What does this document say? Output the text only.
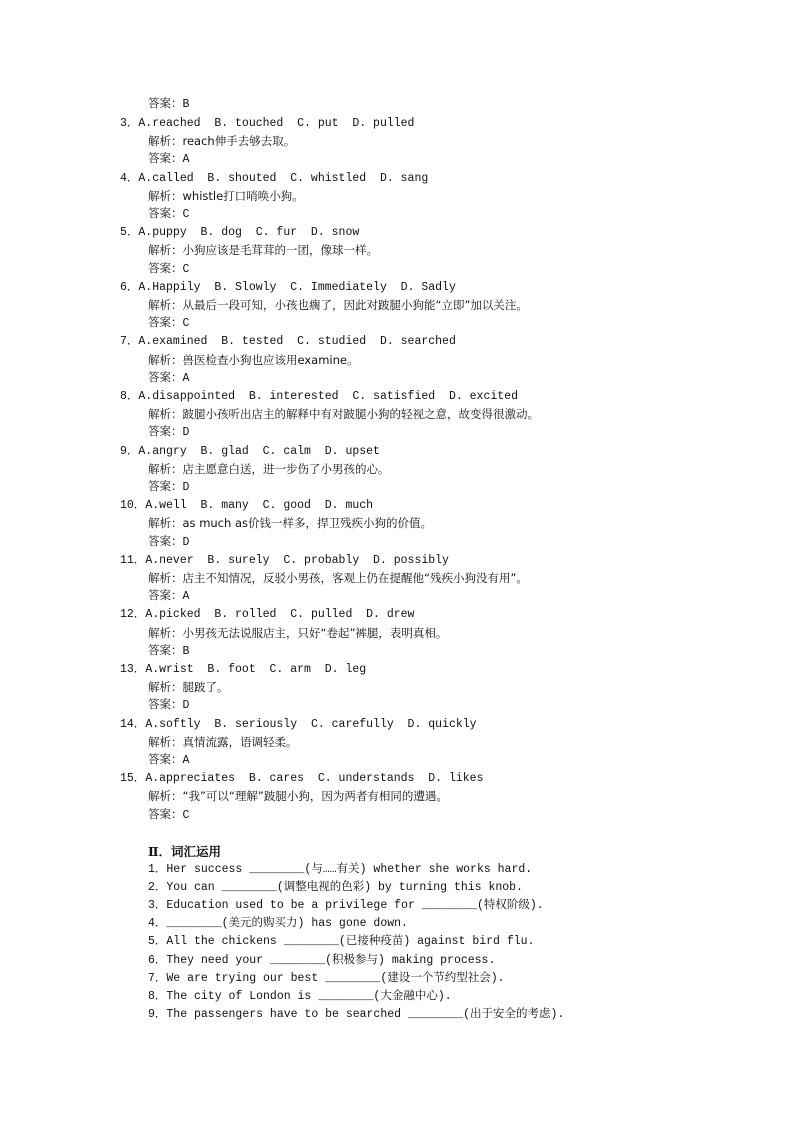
答案：B
3．A.reached  B. touched  C. put  D. pulled
解析：reach伸手去够去取。
答案：A
4．A.called  B. shouted  C. whistled  D. sang
解析：whistle打口哨唤小狗。
答案：C
5．A.puppy  B. dog  C. fur  D. snow
解析：小狗应该是毛茸茸的一团，像球一样。
答案：C
6．A.Happily  B. Slowly  C. Immediately  D. Sadly
解析：从最后一段可知，小孩也瘸了，因此对跛腿小狗能“立即”加以关注。
答案：C
7．A.examined  B. tested  C. studied  D. searched
解析：兽医检查小狗也应该用examine。
答案：A
8．A.disappointed  B. interested  C. satisfied  D. excited
解析：跛腿小孩听出店主的解释中有对跛腿小狗的轻视之意，故变得很激动。
答案：D
9．A.angry  B. glad  C. calm  D. upset
解析：店主愿意白送，进一步伤了小男孩的心。
答案：D
10．A.well  B. many  C. good  D. much
解析：as much as价钱一样多，捍卫残疾小狗的价值。
答案：D
11．A.never  B. surely  C. probably  D. possibly
解析：店主不知情况，反驳小男孩，客观上仍在提醒他“残疾小狗没有用”。
答案：A
12．A.picked  B. rolled  C. pulled  D. drew
解析：小男孩无法说服店主，只好“卷起”裤腿，表明真相。
答案：B
13．A.wrist  B. foot  C. arm  D. leg
解析：腿跛了。
答案：D
14．A.softly  B. seriously  C. carefully  D. quickly
解析：真情流露，语调轻柔。
答案：A
15．A.appreciates  B. cares  C. understands  D. likes
解析：“我”可以“理解”跛腿小狗，因为两者有相同的遭遇。
答案：C
Ⅱ．词汇运用
1．Her success ________(与……有关) whether she works hard.
2．You can ________(调整电视的色彩) by turning this knob.
3．Education used to be a privilege for ________(特权阶级).
4．________(美元的购买力) has gone down.
5．All the chickens ________(已接种疫苗) against bird flu.
6．They need your ________(积极参与) making process.
7．We are trying our best ________(建设一个节约型社会).
8．The city of London is ________(大金融中心).
9．The passengers have to be searched ________(出于安全的考虑).
